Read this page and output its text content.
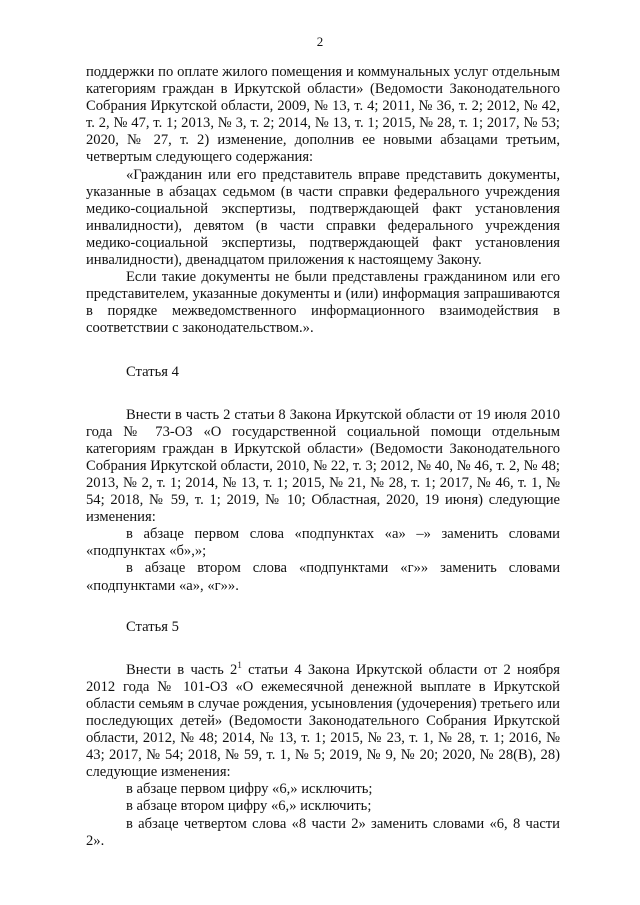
2

поддержки по оплате жилого помещения и коммунальных услуг отдельным категориям граждан в Иркутской области» (Ведомости Законодательного Собрания Иркутской области, 2009, № 13, т. 4; 2011, № 36, т. 2; 2012, № 42, т. 2, № 47, т. 1; 2013, № 3, т. 2; 2014, № 13, т. 1; 2015, № 28, т. 1; 2017, № 53; 2020, № 27, т. 2) изменение, дополнив ее новыми абзацами третьим, четвертым следующего содержания:

«Гражданин или его представитель вправе представить документы, указанные в абзацах седьмом (в части справки федерального учреждения медико-социальной экспертизы, подтверждающей факт установления инвалидности), девятом (в части справки федерального учреждения медико-социальной экспертизы, подтверждающей факт установления инвалидности), двенадцатом приложения к настоящему Закону.

Если такие документы не были представлены гражданином или его представителем, указанные документы и (или) информация запрашиваются в порядке межведомственного информационного взаимодействия в соответствии с законодательством.».

Статья 4

Внести в часть 2 статьи 8 Закона Иркутской области от 19 июля 2010 года № 73-ОЗ «О государственной социальной помощи отдельным категориям граждан в Иркутской области» (Ведомости Законодательного Собрания Иркутской области, 2010, № 22, т. 3; 2012, № 40, № 46, т. 2, № 48; 2013, № 2, т. 1; 2014, № 13, т. 1; 2015, № 21, № 28, т. 1; 2017, № 46, т. 1, № 54; 2018, № 59, т. 1; 2019, № 10; Областная, 2020, 19 июня) следующие изменения:

в абзаце первом слова «подпунктах «а» –» заменить словами «подпунктах «б»,»;

в абзаце втором слова «подпунктами «г»» заменить словами «подпунктами «а», «г»».

Статья 5

Внести в часть $2^1$ статьи 4 Закона Иркутской области от 2 ноября 2012 года № 101-ОЗ «О ежемесячной денежной выплате в Иркутской области семьям в случае рождения, усыновления (удочерения) третьего или последующих детей» (Ведомости Законодательного Собрания Иркутской области, 2012, № 48; 2014, № 13, т. 1; 2015, № 23, т. 1, № 28, т. 1; 2016, № 43; 2017, № 54; 2018, № 59, т. 1, № 5; 2019, № 9, № 20; 2020, № 28(В), 28) следующие изменения:

в абзаце первом цифру «6,» исключить;

в абзаце втором цифру «6,» исключить;

в абзаце четвертом слова «8 части 2» заменить словами «6, 8 части 2».
